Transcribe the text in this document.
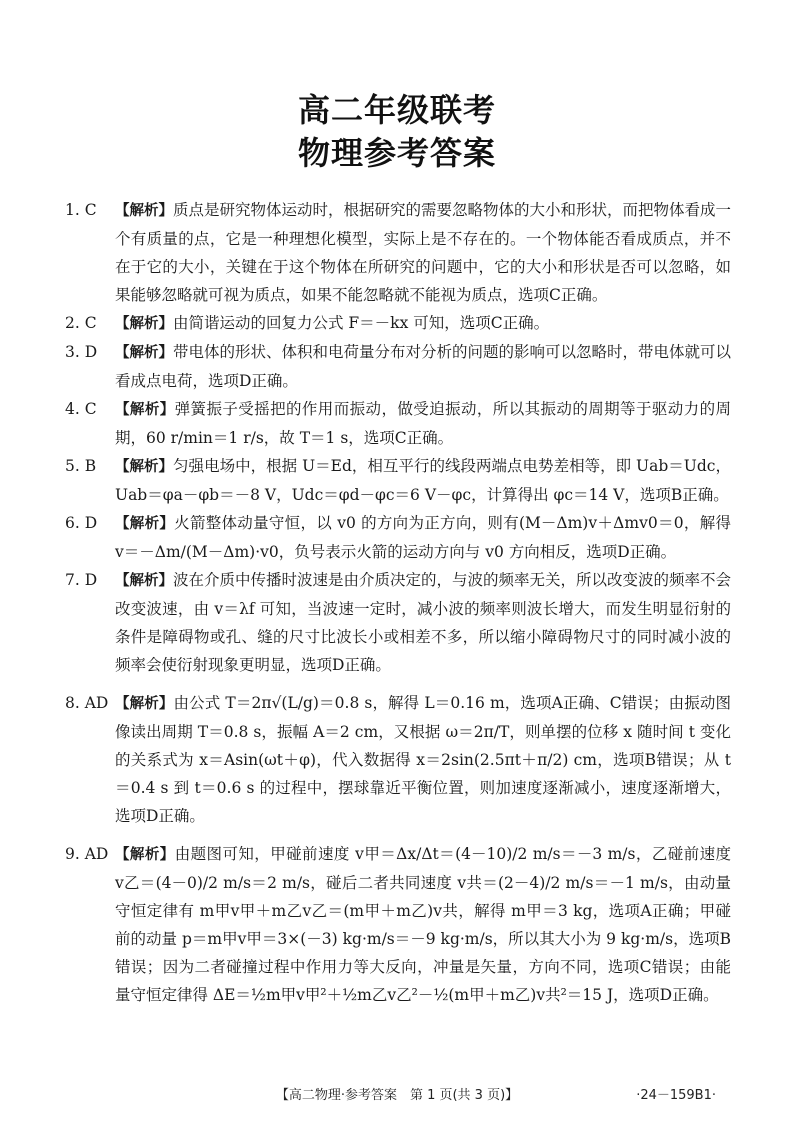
高二年级联考
物理参考答案
1. C	【解析】质点是研究物体运动时，根据研究的需要忽略物体的大小和形状，而把物体看成一个有质量的点，它是一种理想化模型，实际上是不存在的。一个物体能否看成质点，并不在于它的大小，关键在于这个物体在所研究的问题中，它的大小和形状是否可以忽略，如果能够忽略就可视为质点，如果不能忽略就不能视为质点，选项C正确。
2. C	【解析】由简谐运动的回复力公式 F＝－kx 可知，选项C正确。
3. D	【解析】带电体的形状、体积和电荷量分布对分析的问题的影响可以忽略时，带电体就可以看成点电荷，选项D正确。
4. C	【解析】弹簧振子受摇把的作用而振动，做受迫振动，所以其振动的周期等于驱动力的周期，60 r/min＝1 r/s，故 T＝1 s，选项C正确。
5. B	【解析】匀强电场中，根据 U＝Ed，相互平行的线段两端点电势差相等，即 Uab＝Udc，Uab＝φa－φb＝－8 V，Udc＝φd－φc＝6 V－φc，计算得出 φc＝14 V，选项B正确。
6. D	【解析】火箭整体动量守恒，以 v0 的方向为正方向，则有(M－Δm)v＋Δmv0＝0，解得 v＝－Δm/(M－Δm)·v0，负号表示火箭的运动方向与 v0 方向相反，选项D正确。
7. D	【解析】波在介质中传播时波速是由介质决定的，与波的频率无关，所以改变波的频率不会改变波速，由 v＝λf 可知，当波速一定时，减小波的频率则波长增大，而发生明显衍射的条件是障碍物或孔、缝的尺寸比波长小或相差不多，所以缩小障碍物尺寸的同时减小波的频率会使衍射现象更明显，选项D正确。
8. AD 【解析】由公式 T＝2π√(L/g)＝0.8 s，解得 L＝0.16 m，选项A正确、C错误；由振动图像读出周期 T＝0.8 s，振幅 A＝2 cm，又根据 ω＝2π/T，则单摆的位移 x 随时间 t 变化的关系式为 x＝Asin(ωt＋φ)，代入数据得 x＝2sin(2.5πt＋π/2) cm，选项B错误；从 t＝0.4 s 到 t＝0.6 s 的过程中，摆球靠近平衡位置，则加速度逐渐减小，速度逐渐增大，选项D正确。
9. AD 【解析】由题图可知，甲碰前速度 v甲＝Δx/Δt＝(4－10)/2 m/s＝－3 m/s，乙碰前速度 v乙＝(4－0)/2 m/s＝2 m/s，碰后二者共同速度 v共＝(2－4)/2 m/s＝－1 m/s，由动量守恒定律有 m甲v甲＋m乙v乙＝(m甲＋m乙)v共，解得 m甲＝3 kg，选项A正确；甲碰前的动量 p＝m甲v甲＝3×(－3) kg·m/s＝－9 kg·m/s，所以其大小为 9 kg·m/s，选项B错误；因为二者碰撞过程中作用力等大反向，冲量是矢量，方向不同，选项C错误；由能量守恒定律得 ΔE＝½m甲v甲²＋½m乙v乙²－½(m甲＋m乙)v共²＝15 J，选项D正确。
【高二物理·参考答案　第 1 页(共 3 页)】	·24－159B1·
